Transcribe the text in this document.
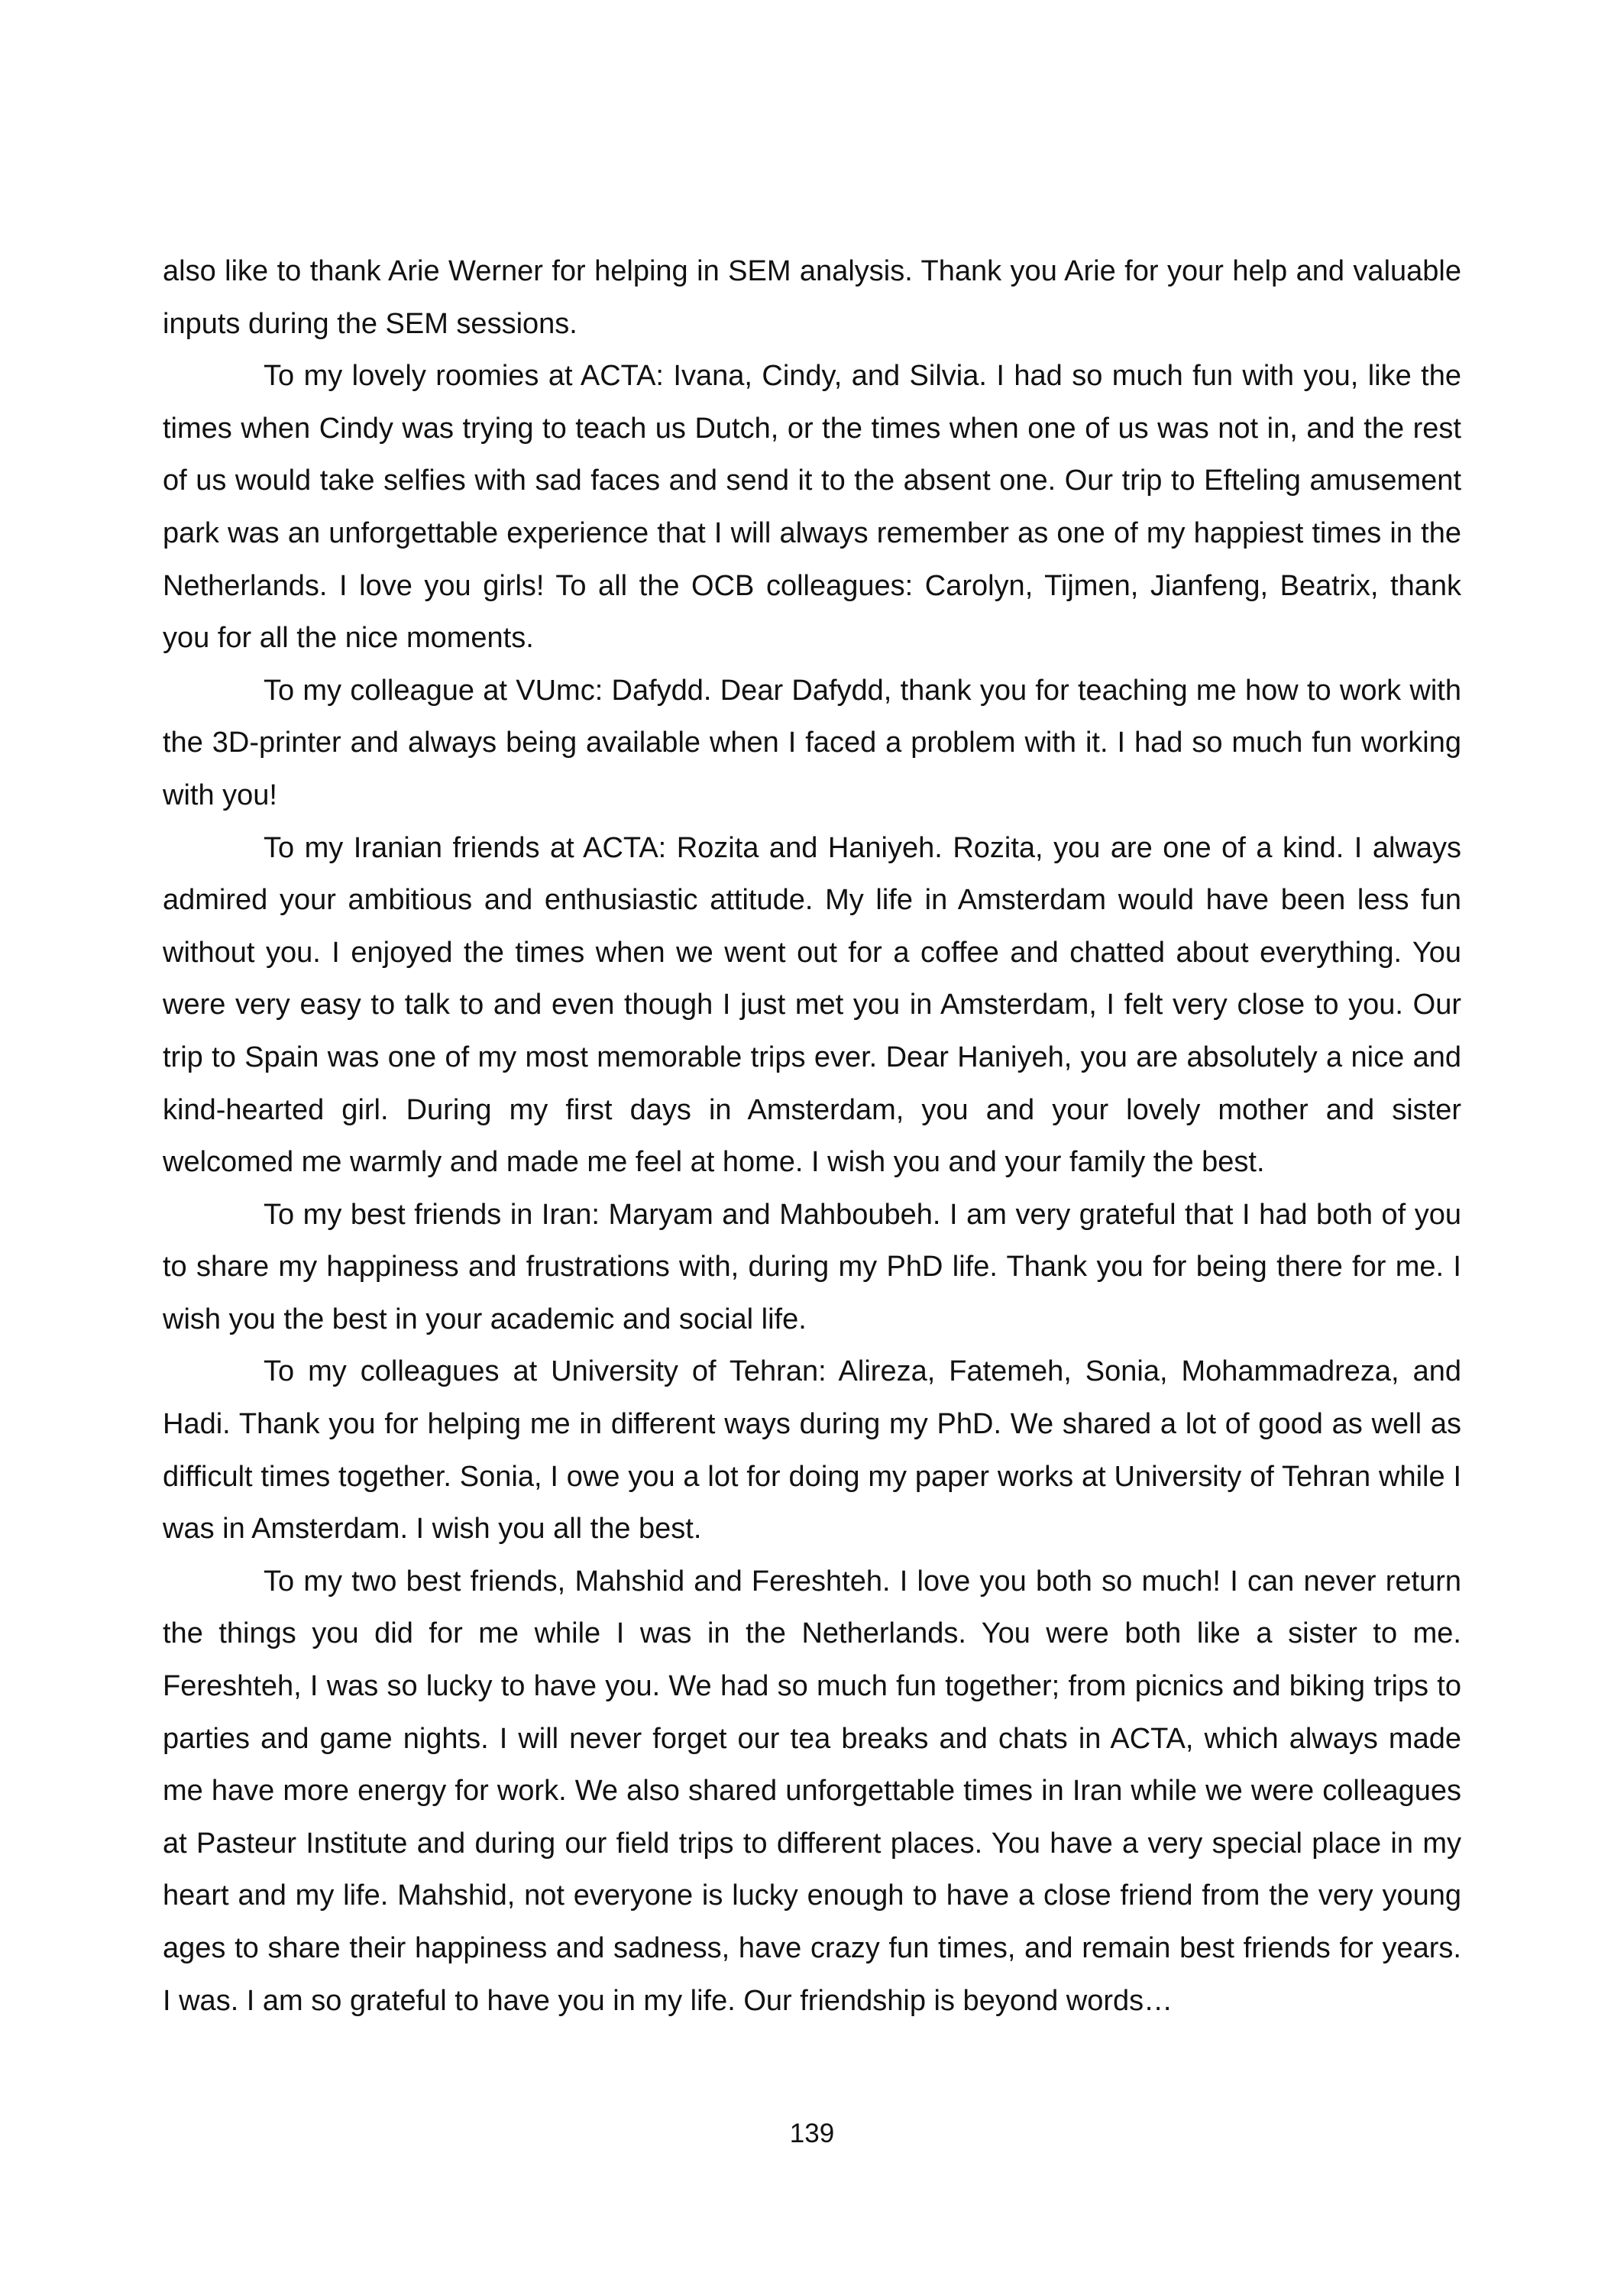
also like to thank Arie Werner for helping in SEM analysis. Thank you Arie for your help and valuable inputs during the SEM sessions.

To my lovely roomies at ACTA: Ivana, Cindy, and Silvia. I had so much fun with you, like the times when Cindy was trying to teach us Dutch, or the times when one of us was not in, and the rest of us would take selfies with sad faces and send it to the absent one. Our trip to Efteling amusement park was an unforgettable experience that I will always remember as one of my happiest times in the Netherlands. I love you girls! To all the OCB colleagues: Carolyn, Tijmen, Jianfeng, Beatrix, thank you for all the nice moments.

To my colleague at VUmc: Dafydd. Dear Dafydd, thank you for teaching me how to work with the 3D-printer and always being available when I faced a problem with it. I had so much fun working with you!

To my Iranian friends at ACTA: Rozita and Haniyeh. Rozita, you are one of a kind. I always admired your ambitious and enthusiastic attitude. My life in Amsterdam would have been less fun without you. I enjoyed the times when we went out for a coffee and chatted about everything. You were very easy to talk to and even though I just met you in Amsterdam, I felt very close to you. Our trip to Spain was one of my most memorable trips ever. Dear Haniyeh, you are absolutely a nice and kind-hearted girl. During my first days in Amsterdam, you and your lovely mother and sister welcomed me warmly and made me feel at home. I wish you and your family the best.

To my best friends in Iran: Maryam and Mahboubeh. I am very grateful that I had both of you to share my happiness and frustrations with, during my PhD life. Thank you for being there for me. I wish you the best in your academic and social life.

To my colleagues at University of Tehran: Alireza, Fatemeh, Sonia, Mohammadreza, and Hadi. Thank you for helping me in different ways during my PhD. We shared a lot of good as well as difficult times together. Sonia, I owe you a lot for doing my paper works at University of Tehran while I was in Amsterdam. I wish you all the best.

To my two best friends, Mahshid and Fereshteh. I love you both so much! I can never return the things you did for me while I was in the Netherlands. You were both like a sister to me. Fereshteh, I was so lucky to have you. We had so much fun together; from picnics and biking trips to parties and game nights. I will never forget our tea breaks and chats in ACTA, which always made me have more energy for work. We also shared unforgettable times in Iran while we were colleagues at Pasteur Institute and during our field trips to different places. You have a very special place in my heart and my life. Mahshid, not everyone is lucky enough to have a close friend from the very young ages to share their happiness and sadness, have crazy fun times, and remain best friends for years. I was. I am so grateful to have you in my life. Our friendship is beyond words…

139
